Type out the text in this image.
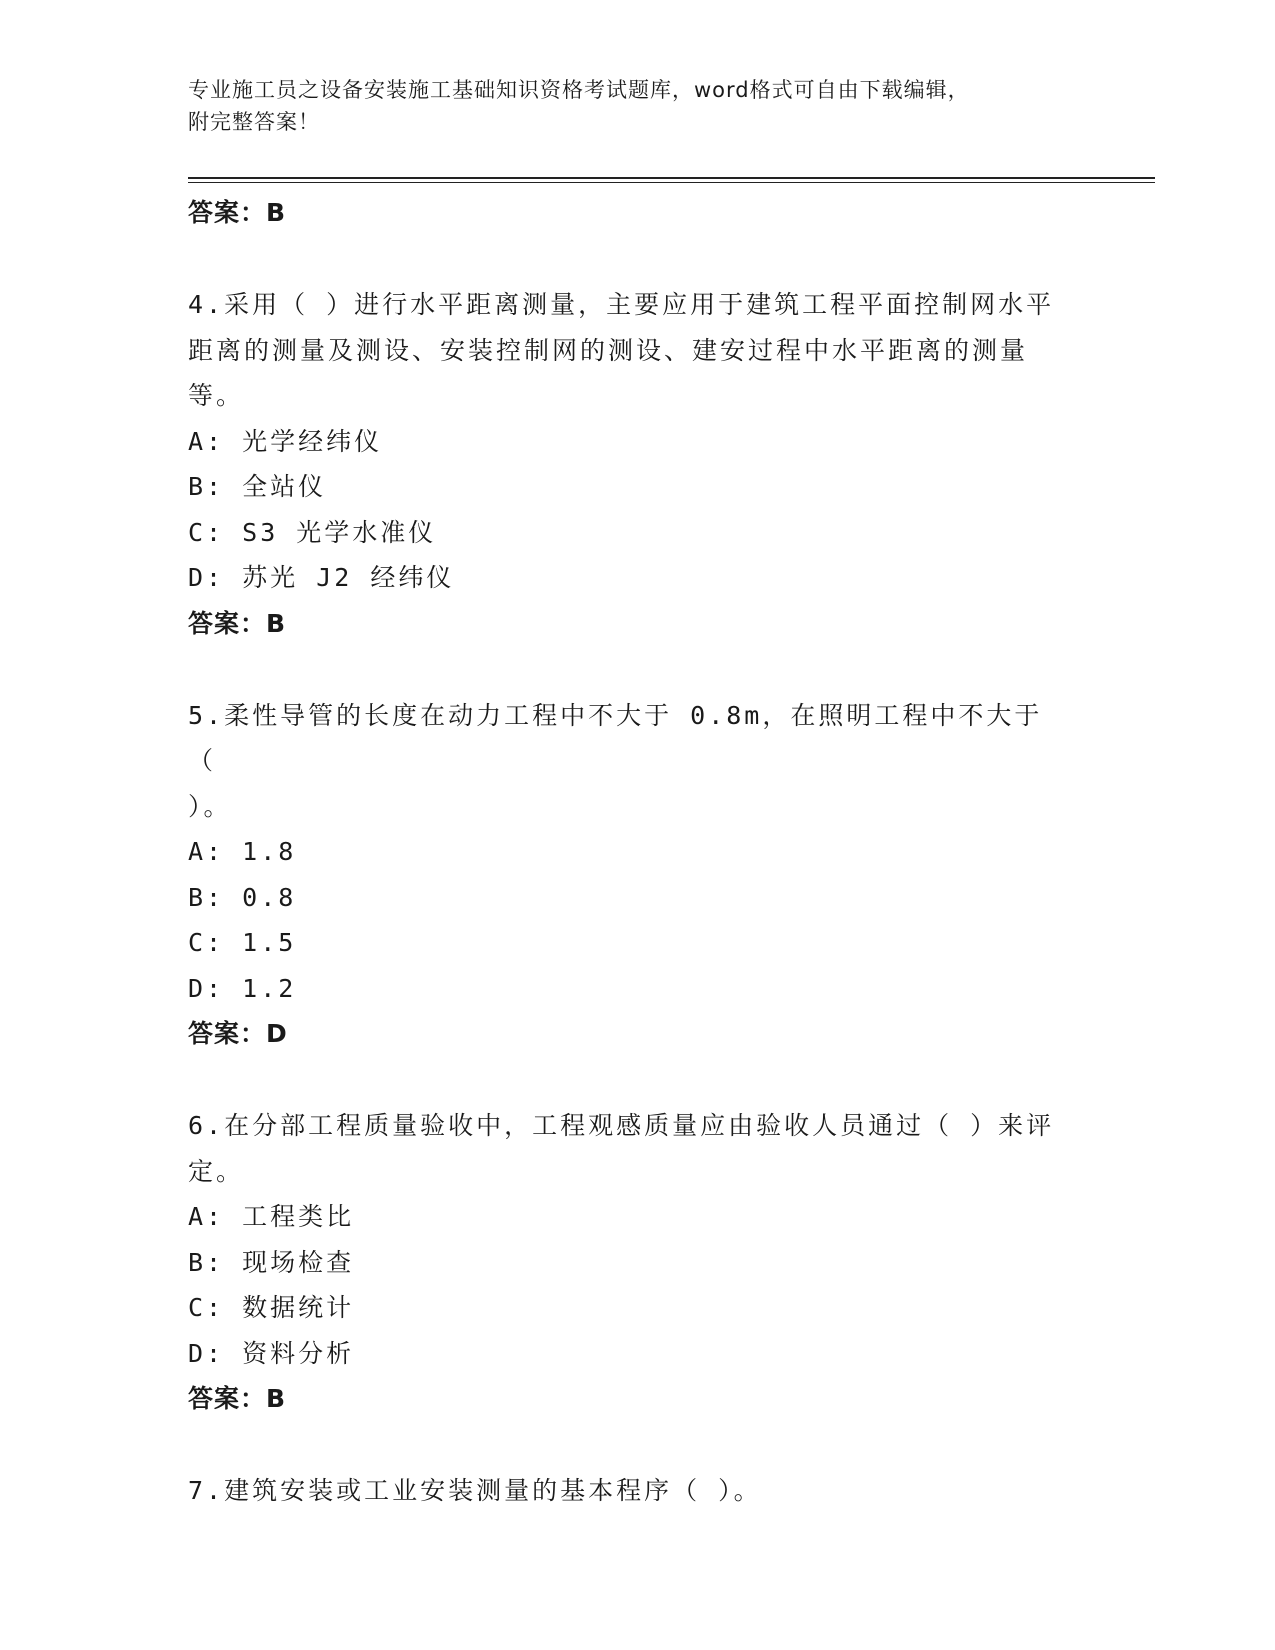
专业施工员之设备安装施工基础知识资格考试题库，word格式可自由下载编辑，
附完整答案！
答案：B
4.采用（ ）进行水平距离测量，主要应用于建筑工程平面控制网水平
距离的测量及测设、安装控制网的测设、建安过程中水平距离的测量
等。
A: 光学经纬仪
B: 全站仪
C: S3 光学水准仪
D: 苏光 J2 经纬仪
答案：B
5.柔性导管的长度在动力工程中不大于 0.8m，在照明工程中不大于（
）。
A: 1.8
B: 0.8
C: 1.5
D: 1.2
答案：D
6.在分部工程质量验收中，工程观感质量应由验收人员通过（ ）来评
定。
A: 工程类比
B: 现场检查
C: 数据统计
D: 资料分析
答案：B
7.建筑安装或工业安装测量的基本程序（ ）。
